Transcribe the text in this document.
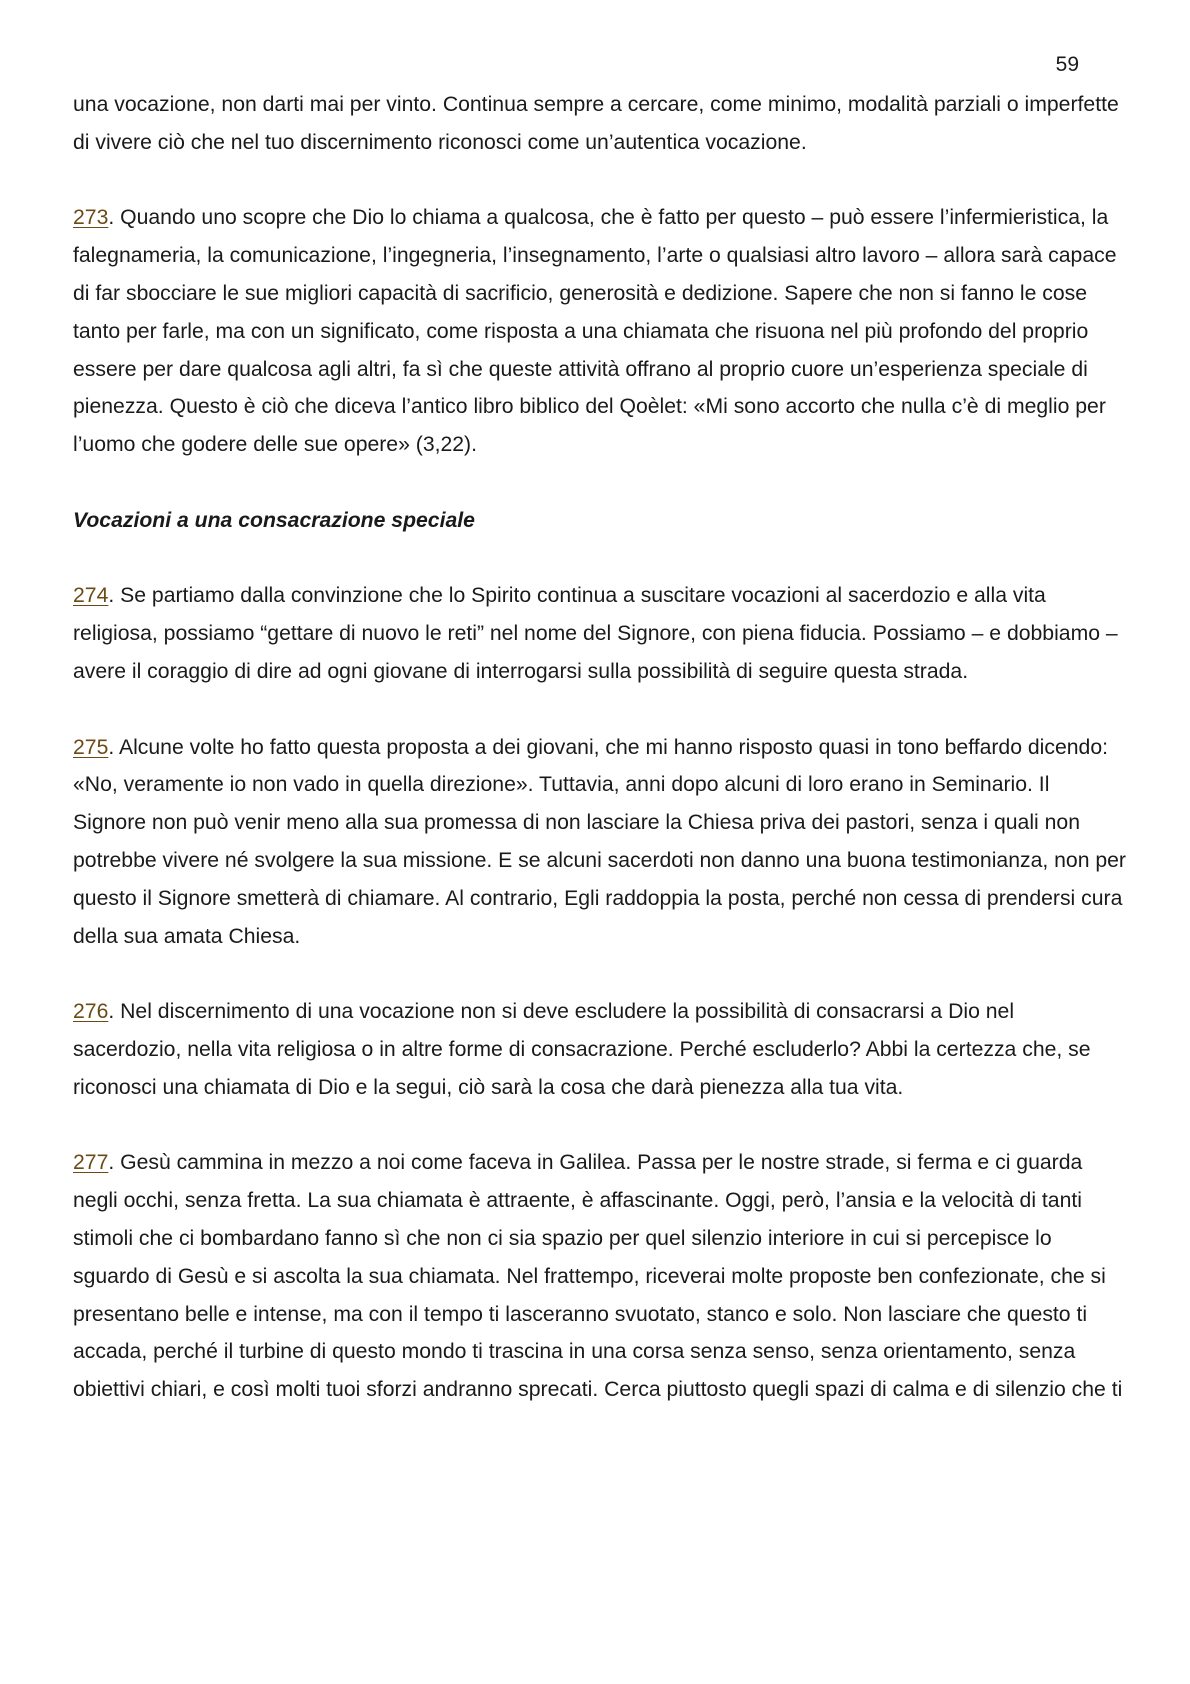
59

una vocazione, non darti mai per vinto. Continua sempre a cercare, come minimo, modalità parziali o imperfette di vivere ciò che nel tuo discernimento riconosci come un’autentica vocazione.

273. Quando uno scopre che Dio lo chiama a qualcosa, che è fatto per questo – può essere l’infermieristica, la falegnameria, la comunicazione, l’ingegneria, l’insegnamento, l’arte o qualsiasi altro lavoro – allora sarà capace di far sbocciare le sue migliori capacità di sacrificio, generosità e dedizione. Sapere che non si fanno le cose tanto per farle, ma con un significato, come risposta a una chiamata che risuona nel più profondo del proprio essere per dare qualcosa agli altri, fa sì che queste attività offrano al proprio cuore un’esperienza speciale di pienezza. Questo è ciò che diceva l’antico libro biblico del Qoèlet: «Mi sono accorto che nulla c’è di meglio per l’uomo che godere delle sue opere» (3,22).

Vocazioni a una consacrazione speciale

274. Se partiamo dalla convinzione che lo Spirito continua a suscitare vocazioni al sacerdozio e alla vita religiosa, possiamo “gettare di nuovo le reti” nel nome del Signore, con piena fiducia. Possiamo – e dobbiamo – avere il coraggio di dire ad ogni giovane di interrogarsi sulla possibilità di seguire questa strada.

275. Alcune volte ho fatto questa proposta a dei giovani, che mi hanno risposto quasi in tono beffardo dicendo: «No, veramente io non vado in quella direzione». Tuttavia, anni dopo alcuni di loro erano in Seminario. Il Signore non può venir meno alla sua promessa di non lasciare la Chiesa priva dei pastori, senza i quali non potrebbe vivere né svolgere la sua missione. E se alcuni sacerdoti non danno una buona testimonianza, non per questo il Signore smetterà di chiamare. Al contrario, Egli raddoppia la posta, perché non cessa di prendersi cura della sua amata Chiesa.

276. Nel discernimento di una vocazione non si deve escludere la possibilità di consacrarsi a Dio nel sacerdozio, nella vita religiosa o in altre forme di consacrazione. Perché escluderlo? Abbi la certezza che, se riconosci una chiamata di Dio e la segui, ciò sarà la cosa che darà pienezza alla tua vita.

277. Gesù cammina in mezzo a noi come faceva in Galilea. Passa per le nostre strade, si ferma e ci guarda negli occhi, senza fretta. La sua chiamata è attraente, è affascinante. Oggi, però, l’ansia e la velocità di tanti stimoli che ci bombardano fanno sì che non ci sia spazio per quel silenzio interiore in cui si percepisce lo sguardo di Gesù e si ascolta la sua chiamata. Nel frattempo, riceverai molte proposte ben confezionate, che si presentano belle e intense, ma con il tempo ti lasceranno svuotato, stanco e solo. Non lasciare che questo ti accada, perché il turbine di questo mondo ti trascina in una corsa senza senso, senza orientamento, senza obiettivi chiari, e così molti tuoi sforzi andranno sprecati. Cerca piuttosto quegli spazi di calma e di silenzio che ti
